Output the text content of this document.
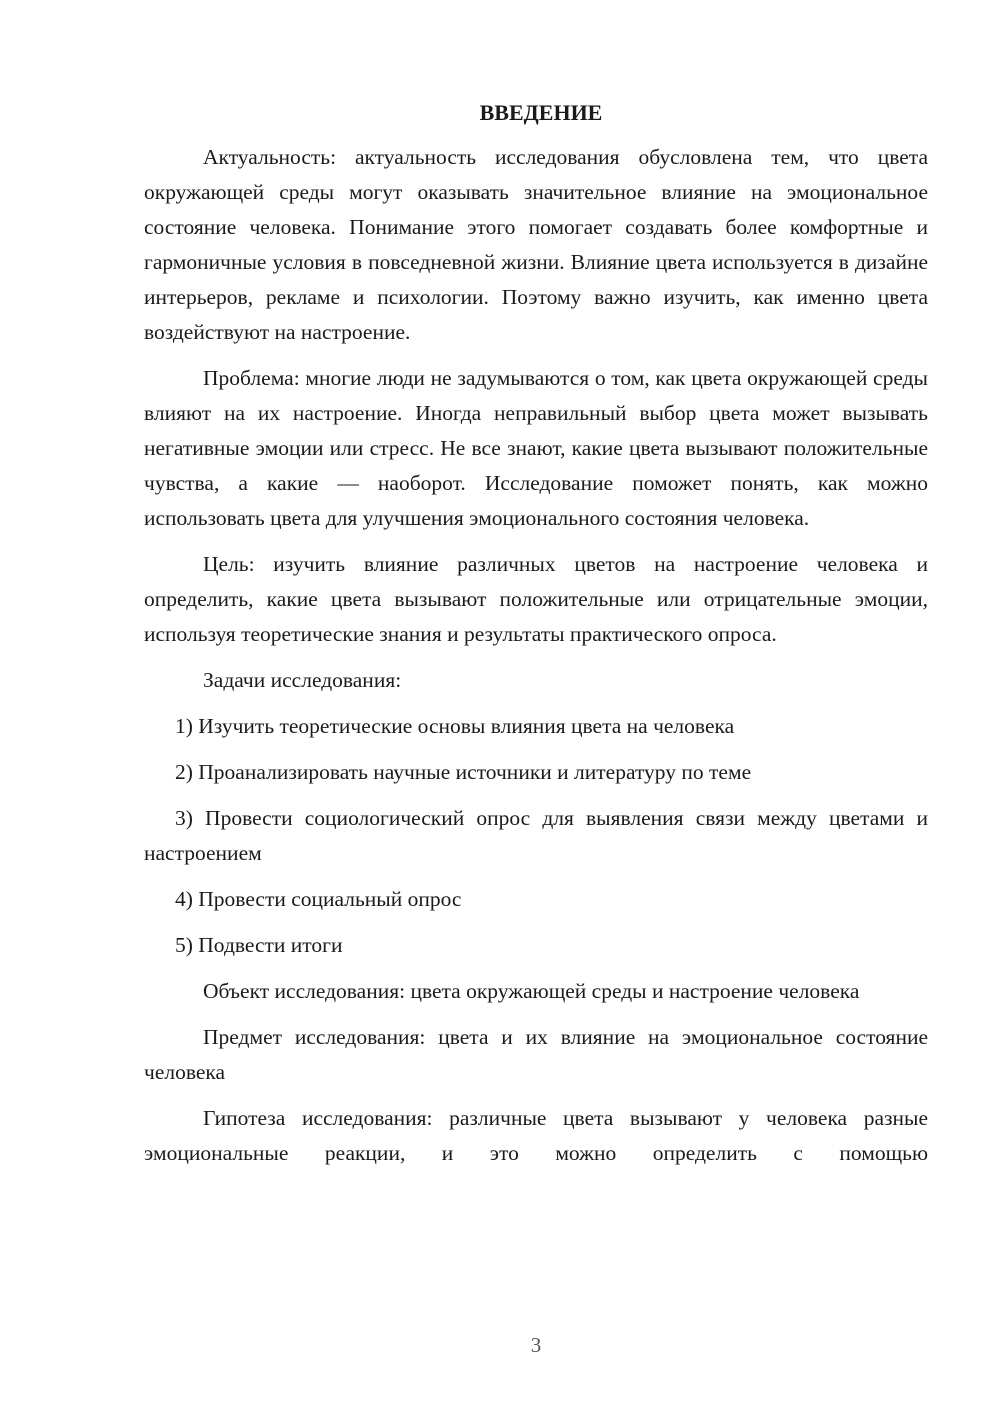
ВВЕДЕНИЕ

Актуальность: актуальность исследования обусловлена тем, что цвета окружающей среды могут оказывать значительное влияние на эмоциональное состояние человека. Понимание этого помогает создавать более комфортные и гармоничные условия в повседневной жизни. Влияние цвета используется в дизайне интерьеров, рекламе и психологии. Поэтому важно изучить, как именно цвета воздействуют на настроение.

Проблема: многие люди не задумываются о том, как цвета окружающей среды влияют на их настроение. Иногда неправильный выбор цвета может вызывать негативные эмоции или стресс. Не все знают, какие цвета вызывают положительные чувства, а какие — наоборот. Исследование поможет понять, как можно использовать цвета для улучшения эмоционального состояния человека.

Цель: изучить влияние различных цветов на настроение человека и определить, какие цвета вызывают положительные или отрицательные эмоции, используя теоретические знания и результаты практического опроса.

Задачи исследования:

1) Изучить теоретические основы влияния цвета на человека

2) Проанализировать научные источники и литературу по теме

3) Провести социологический опрос для выявления связи между цветами и настроением

4) Провести социальный опрос

5) Подвести итоги

Объект исследования: цвета окружающей среды и настроение человека

Предмет исследования: цвета и их влияние на эмоциональное состояние человека

Гипотеза исследования: различные цвета вызывают у человека разные эмоциональные реакции, и это можно определить с помощью

3
